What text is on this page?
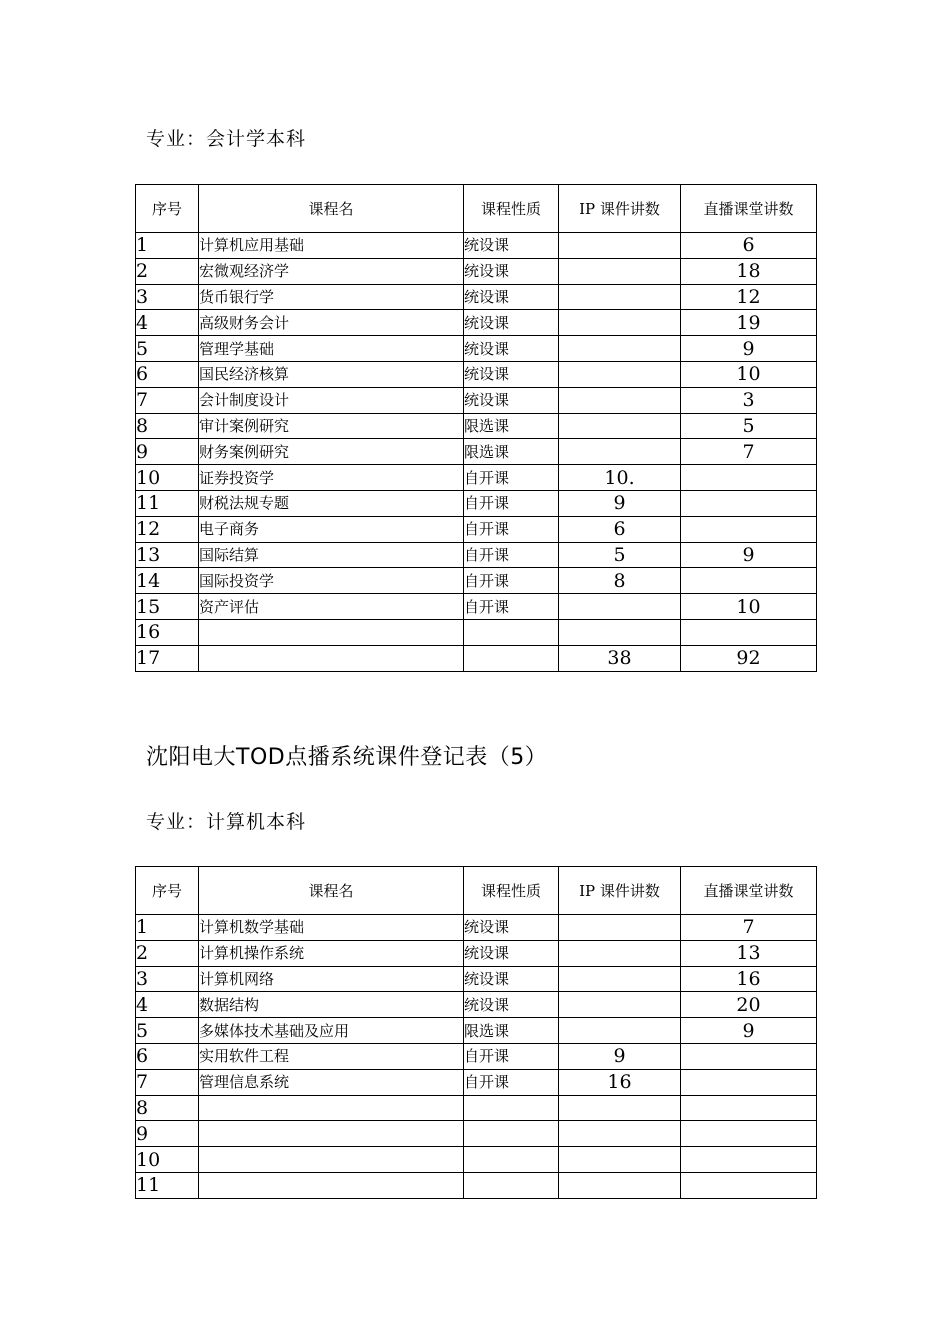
专业：会计学本科
序号	课程名	课程性质	IP 课件讲数	直播课堂讲数
1	计算机应用基础	统设课		6
2	宏微观经济学	统设课		18
3	货币银行学	统设课		12
4	高级财务会计	统设课		19
5	管理学基础	统设课		9
6	国民经济核算	统设课		10
7	会计制度设计	统设课		3
8	审计案例研究	限选课		5
9	财务案例研究	限选课		7
10	证券投资学	自开课	10.	
11	财税法规专题	自开课	9	
12	电子商务	自开课	6	
13	国际结算	自开课	5	9
14	国际投资学	自开课	8	
15	资产评估	自开课		10
16				
17			38	92
沈阳电大TOD点播系统课件登记表（5）
专业：计算机本科
序号	课程名	课程性质	IP 课件讲数	直播课堂讲数
1	计算机数学基础	统设课		7
2	计算机操作系统	统设课		13
3	计算机网络	统设课		16
4	数据结构	统设课		20
5	多媒体技术基础及应用	限选课		9
6	实用软件工程	自开课	9	
7	管理信息系统	自开课	16	
8				
9				
10				
11				
